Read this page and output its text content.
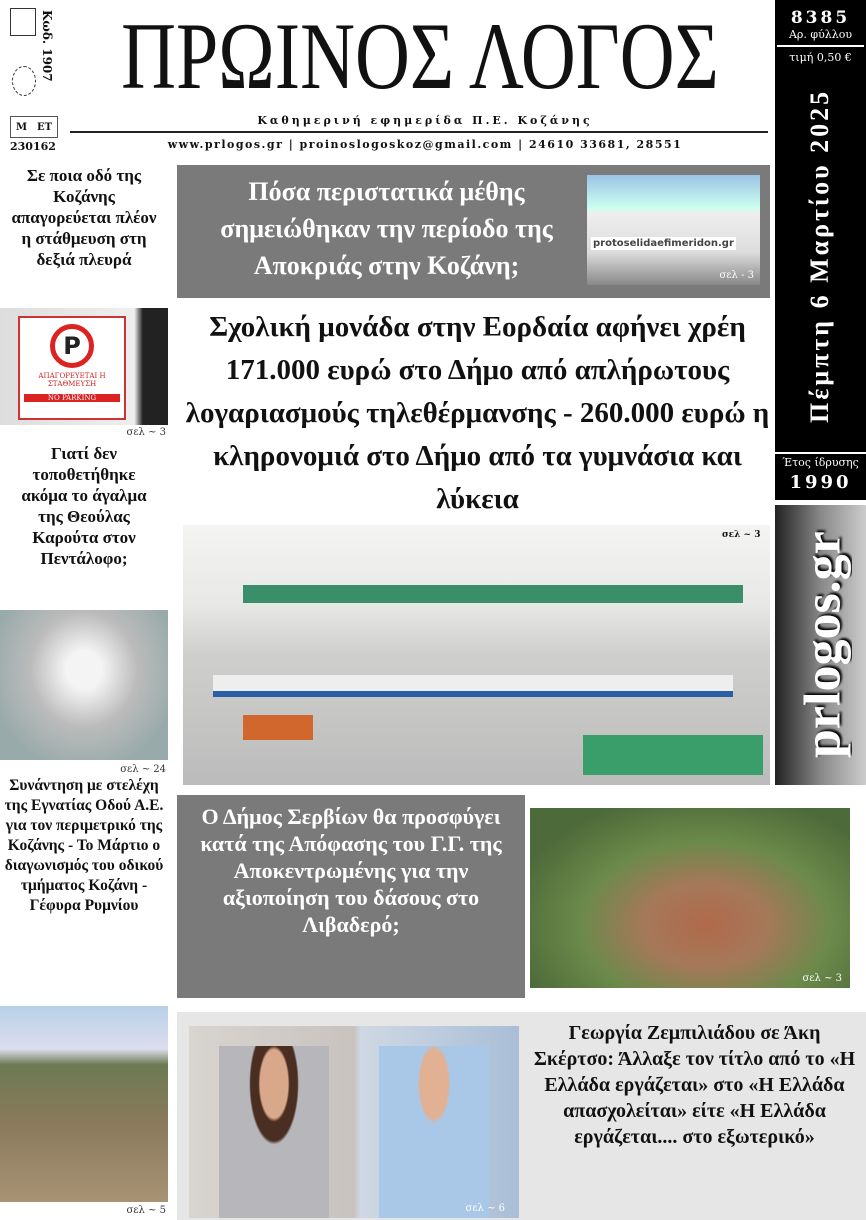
Κωδ. 1907
Μ ΕΤ
230162
ΠΡΩΙΝΟΣ ΛΟΓΟΣ
Καθημερινή εφημερίδα Π.Ε. Κοζάνης
www.prlogos.gr | proinoslogoskoz@gmail.com | 24610 33681, 28551
8385
Αρ. φύλλου
τιμή 0,50 €
Πέμπτη 6 Μαρτίου 2025
Έτος ίδρυσης
1990
prlogos.gr
Σε ποια οδό της Κοζάνης απαγορεύεται πλέον η στάθμευση στη δεξιά πλευρά
P
ΑΠΑΓΟΡΕΥΕΤΑΙ Η ΣΤΑΘΜΕΥΣΗ
NO PARKING
σελ ~ 3
Γιατί δεν τοποθετήθηκε ακόμα το άγαλμα της Θεούλας Καρούτα στον Πεντάλοφο;
σελ ~ 24
Συνάντηση με στελέχη της Εγνατίας Οδού Α.Ε. για τον περιμετρικό της Κοζάνης - Το Μάρτιο ο διαγωνισμός του οδικού τμήματος Κοζάνη - Γέφυρα Ρυμνίου
σελ ~ 5
Πόσα περιστατικά μέθης σημειώθηκαν την περίοδο της Αποκριάς στην Κοζάνη;
protoselidaefimeridon.gr
σελ - 3
Σχολική μονάδα στην Εορδαία αφήνει χρέη 171.000 ευρώ στο Δήμο από απλήρωτους λογαριασμούς τηλεθέρμανσης - 260.000 ευρώ η κληρονομιά στο Δήμο από τα γυμνάσια και λύκεια
σελ ~ 3
Ο Δήμος Σερβίων θα προσφύγει κατά της Απόφασης του Γ.Γ. της Αποκεντρωμένης για την αξιοποίηση του δάσους στο Λιβαδερό;
σελ ~ 3
σελ ~ 6
Γεωργία Ζεμπιλιάδου σε Άκη Σκέρτσο: Άλλαξε τον τίτλο από το «Η Ελλάδα εργάζεται» στο «Η Ελλάδα απασχολείται» είτε «Η Ελλάδα εργάζεται.... στο εξωτερικό»
